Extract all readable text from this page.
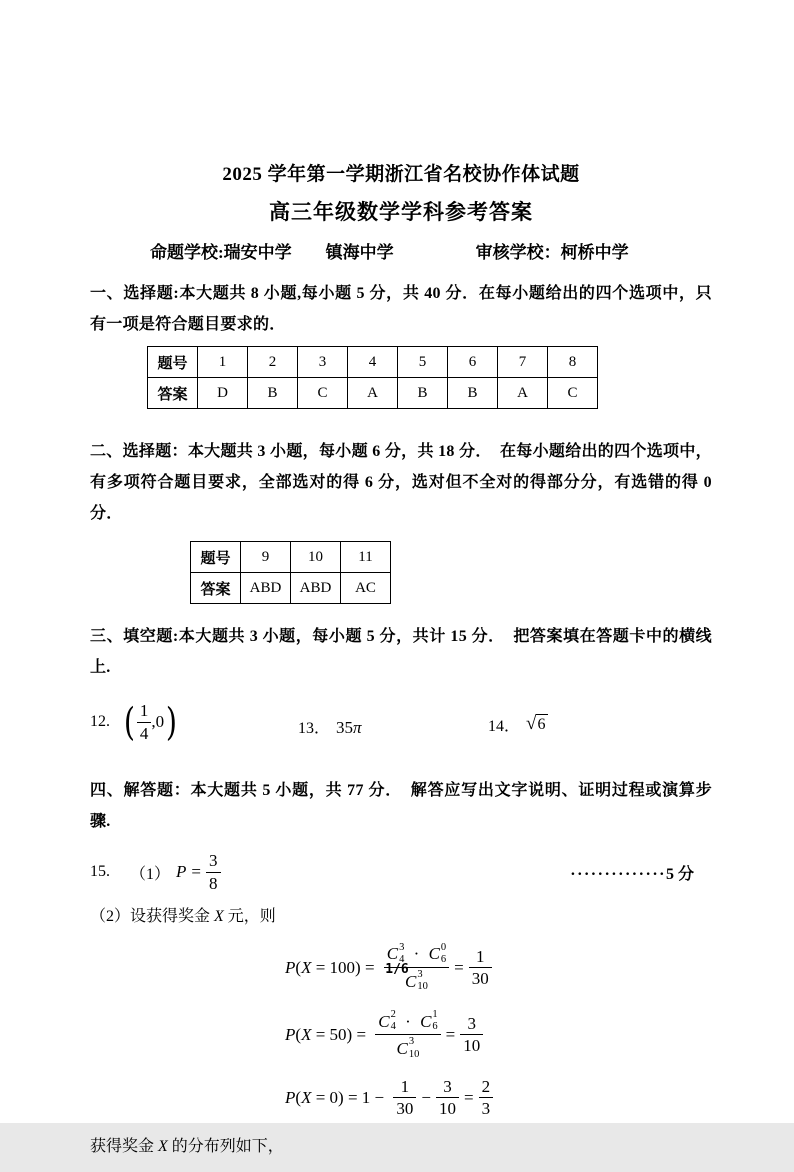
2025 学年第一学期浙江省名校协作体试题
高三年级数学学科参考答案
命题学校:瑞安中学 镇海中学	审核学校：柯桥中学

一、选择题:本大题共 8 小题,每小题 5 分，共 40 分．在每小题给出的四个选项中，只有一项是符合题目要求的．

题号	1	2	3	4	5	6	7	8
答案	D	B	C	A	B	B	A	C

二、选择题：本大题共 3 小题，每小题 6 分，共 18 分．　在每小题给出的四个选项中，有多项符合题目要求，全部选对的得 6 分，选对但不全对的得部分分，有选错的得 0 分．

题号	9	10	11
答案	ABD	ABD	AC

三、填空题:本大题共 3 小题，每小题 5 分，共计 15 分．　把答案填在答题卡中的横线上.

12. ( $\frac{1}{4} ,0$ )	13． 35 π	14． √ 6

四、解答题：本大题共 5 小题，共 77 分．　解答应写出文字说明、证明过程或演算步骤.

15. （1） $P = \frac{3}{8}$	·············· 5 分

（2）设获得奖金 X 元，则

P ( X = 100) = C 3
4 · C 0
6
C 3
$10 = \frac{1}{30}$
P ( X = 50) = C 2
4 · C 1
6
C 3
$10 = \frac{3}{10}$
P ( $X = 0) = 1 - \frac{1}{30} - \frac{3}{10} = \frac{2}{3}$

获得奖金 X 的分布列如下，

1/6
